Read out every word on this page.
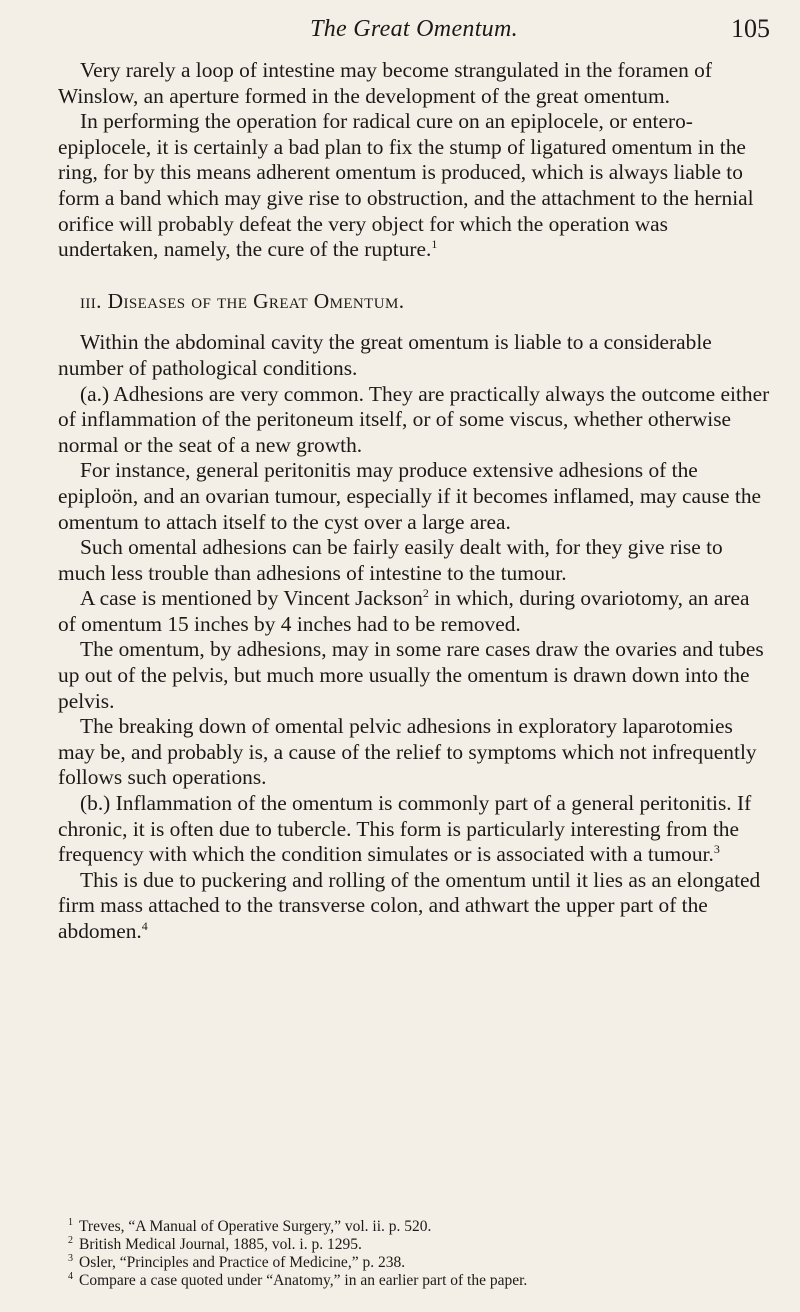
The Great Omentum.	105

Very rarely a loop of intestine may become strangulated in the foramen of Winslow, an aperture formed in the development of the great omentum.

In performing the operation for radical cure on an epiplocele, or entero-epiplocele, it is certainly a bad plan to fix the stump of ligatured omentum in the ring, for by this means adherent omentum is produced, which is always liable to form a band which may give rise to obstruction, and the attachment to the hernial orifice will probably defeat the very object for which the operation was undertaken, namely, the cure of the rupture.$^1$

iii. Diseases of the Great Omentum.

Within the abdominal cavity the great omentum is liable to a considerable number of pathological conditions.

(a.) Adhesions are very common. They are practically always the outcome either of inflammation of the peritoneum itself, or of some viscus, whether otherwise normal or the seat of a new growth.

For instance, general peritonitis may produce extensive adhesions of the epiploön, and an ovarian tumour, especially if it becomes inflamed, may cause the omentum to attach itself to the cyst over a large area.

Such omental adhesions can be fairly easily dealt with, for they give rise to much less trouble than adhesions of intestine to the tumour.

A case is mentioned by Vincent Jackson$^2$ in which, during ovariotomy, an area of omentum 15 inches by 4 inches had to be removed.

The omentum, by adhesions, may in some rare cases draw the ovaries and tubes up out of the pelvis, but much more usually the omentum is drawn down into the pelvis.

The breaking down of omental pelvic adhesions in exploratory laparotomies may be, and probably is, a cause of the relief to symptoms which not infrequently follows such operations.

(b.) Inflammation of the omentum is commonly part of a general peritonitis. If chronic, it is often due to tubercle. This form is particularly interesting from the frequency with which the condition simulates or is associated with a tumour.$^3$

This is due to puckering and rolling of the omentum until it lies as an elongated firm mass attached to the transverse colon, and athwart the upper part of the abdomen.$^4$

$^1$ Treves, “A Manual of Operative Surgery,” vol. ii. p. 520.
$^2$ British Medical Journal, 1885, vol. i. p. 1295.
$^3$ Osler, “Principles and Practice of Medicine,” p. 238.
$^4$ Compare a case quoted under “Anatomy,” in an earlier part of the paper.
